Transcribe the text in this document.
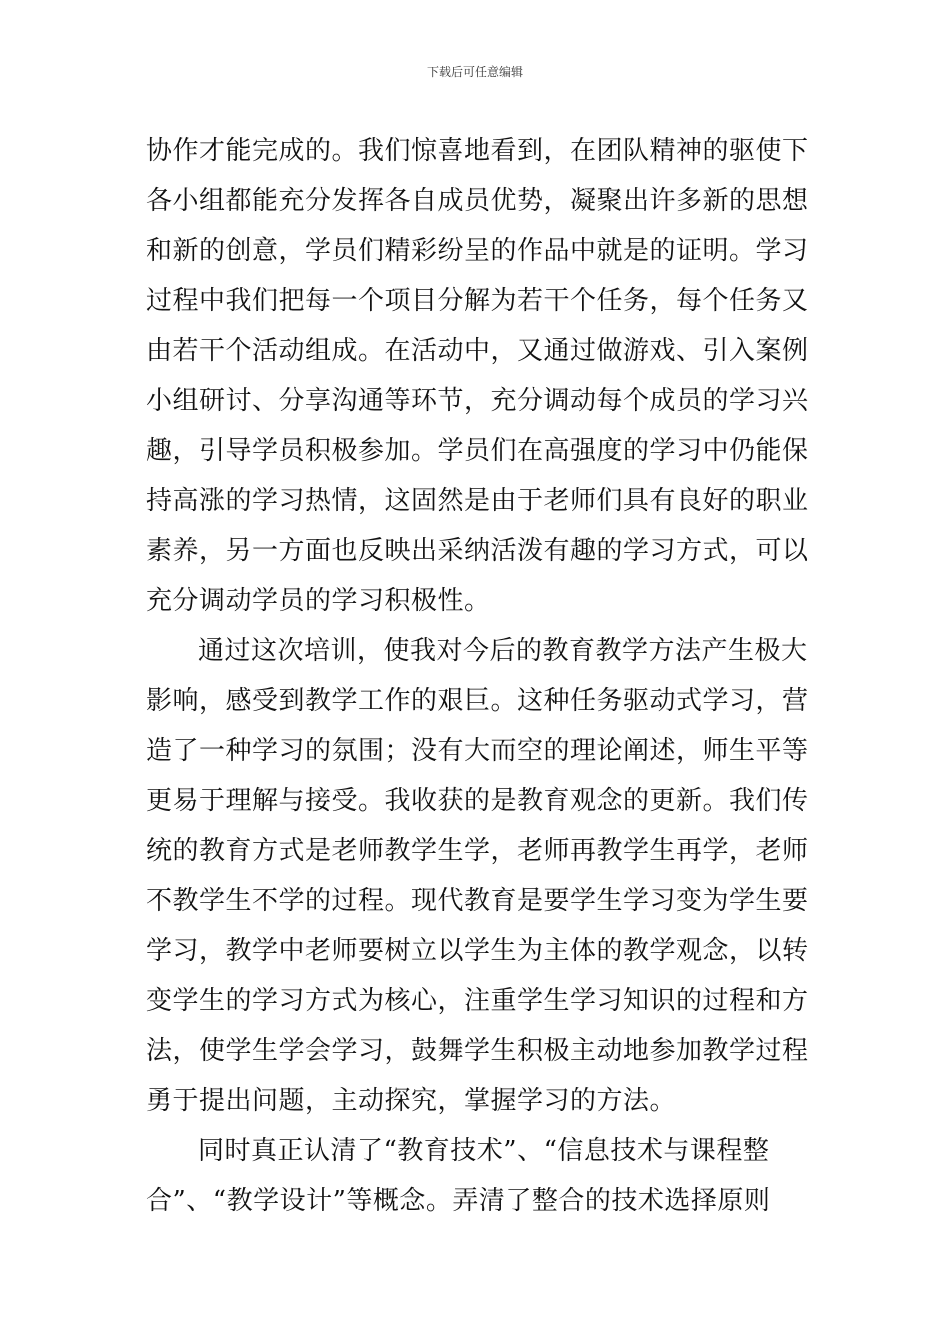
下载后可任意编辑
协作才能完成的。我们惊喜地看到，在团队精神的驱使下
各小组都能充分发挥各自成员优势，凝聚出许多新的思想
和新的创意，学员们精彩纷呈的作品中就是的证明。学习
过程中我们把每一个项目分解为若干个任务，每个任务又
由若干个活动组成。在活动中，又通过做游戏、引入案例
小组研讨、分享沟通等环节，充分调动每个成员的学习兴
趣，引导学员积极参加。学员们在高强度的学习中仍能保
持高涨的学习热情，这固然是由于老师们具有良好的职业
素养，另一方面也反映出采纳活泼有趣的学习方式，可以
充分调动学员的学习积极性。
通过这次培训，使我对今后的教育教学方法产生极大
影响，感受到教学工作的艰巨。这种任务驱动式学习，营
造了一种学习的氛围；没有大而空的理论阐述，师生平等
更易于理解与接受。我收获的是教育观念的更新。我们传
统的教育方式是老师教学生学，老师再教学生再学，老师
不教学生不学的过程。现代教育是要学生学习变为学生要
学习，教学中老师要树立以学生为主体的教学观念，以转
变学生的学习方式为核心，注重学生学习知识的过程和方
法，使学生学会学习，鼓舞学生积极主动地参加教学过程
勇于提出问题，主动探究，掌握学习的方法。
同时真正认清了“教育技术”、“信息技术与课程整
合”、“教学设计”等概念。弄清了整合的技术选择原则
